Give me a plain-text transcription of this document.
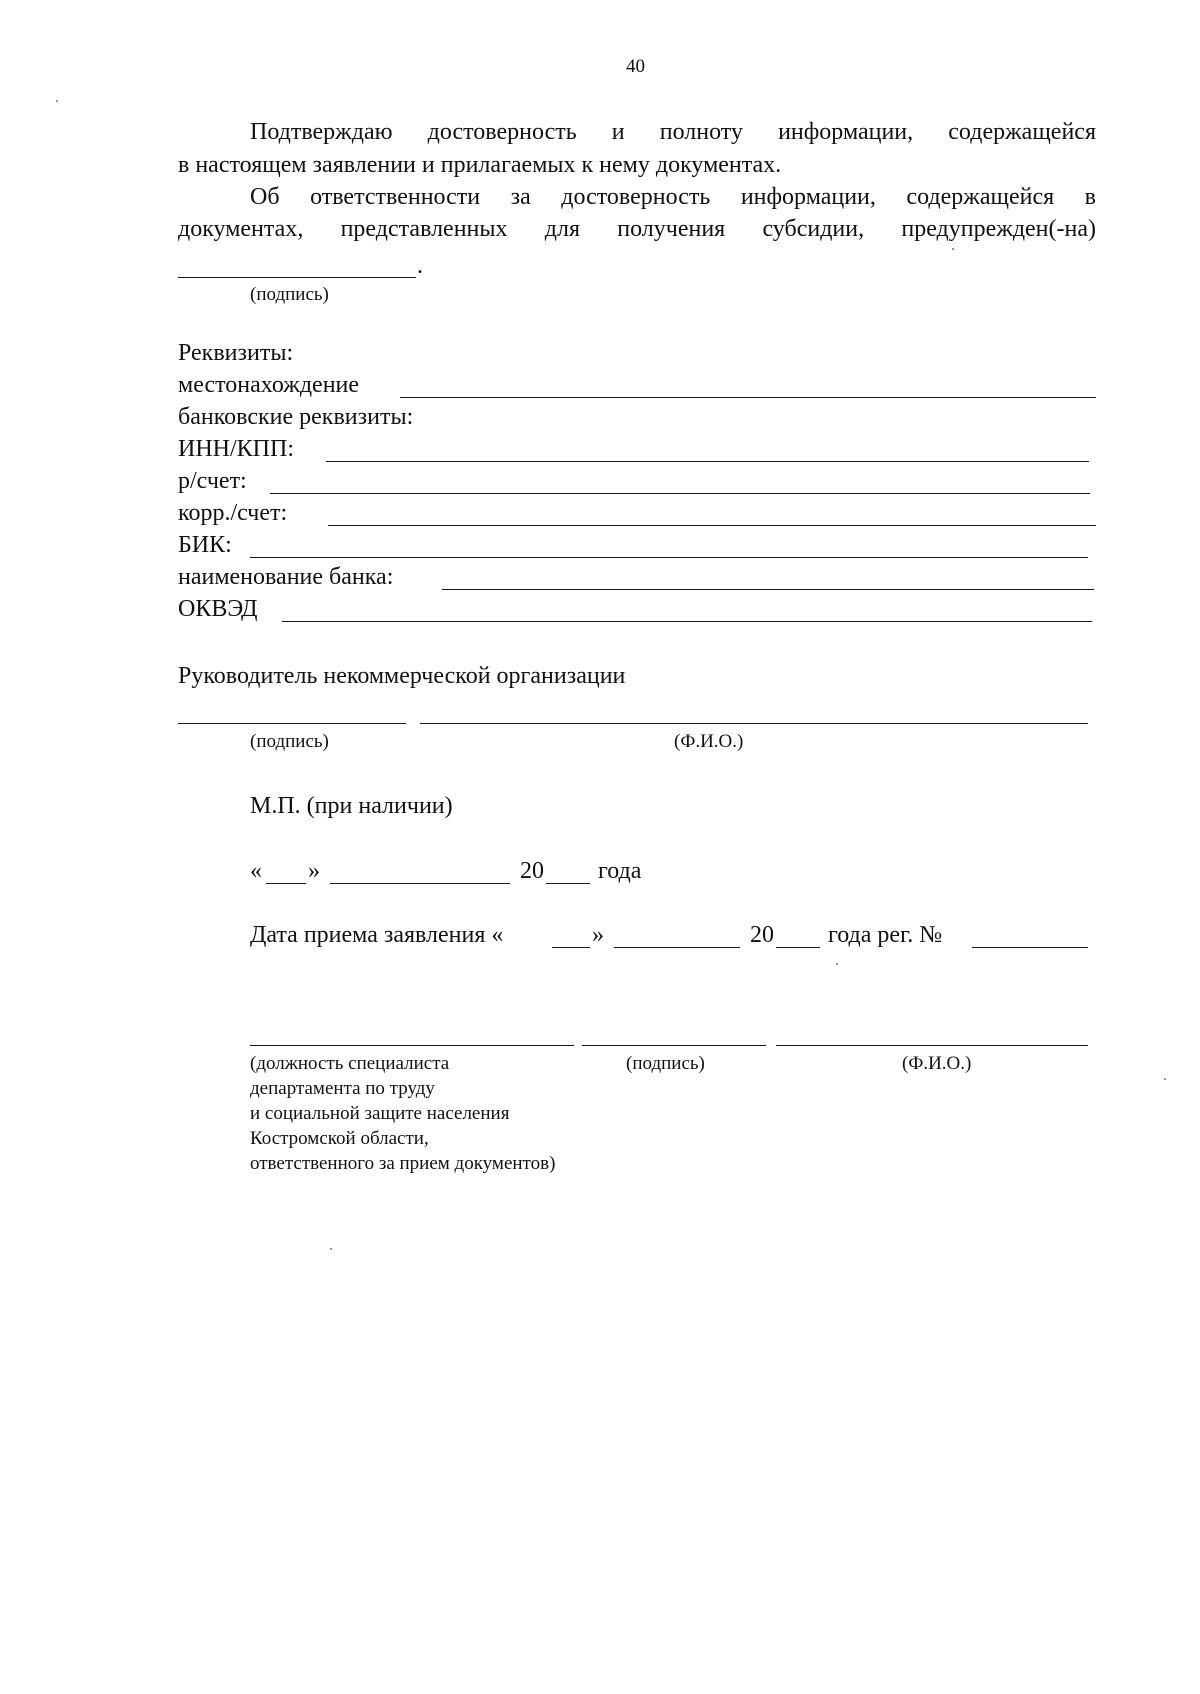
40
Подтверждаю достоверность и полноту информации, содержащейся
в настоящем заявлении и прилагаемых к нему документах.
Об ответственности за достоверность информации, содержащейся в
документах, представленных для получения субсидии, предупрежден(-на)
.
(подпись)
Реквизиты:
местонахождение
банковские реквизиты:
ИНН/КПП:
р/счет:
корр./счет:
БИК:
наименование банка:
ОКВЭД
Руководитель некоммерческой организации
(подпись)	(Ф.И.О.)
М.П. (при наличии)
« »	20 года
Дата приема заявления «	»	20 года рег. №
(должность специалиста
департамента по труду
и социальной защите населения
Костромской области,
ответственного за прием документов)
(подпись)	(Ф.И.О.)
